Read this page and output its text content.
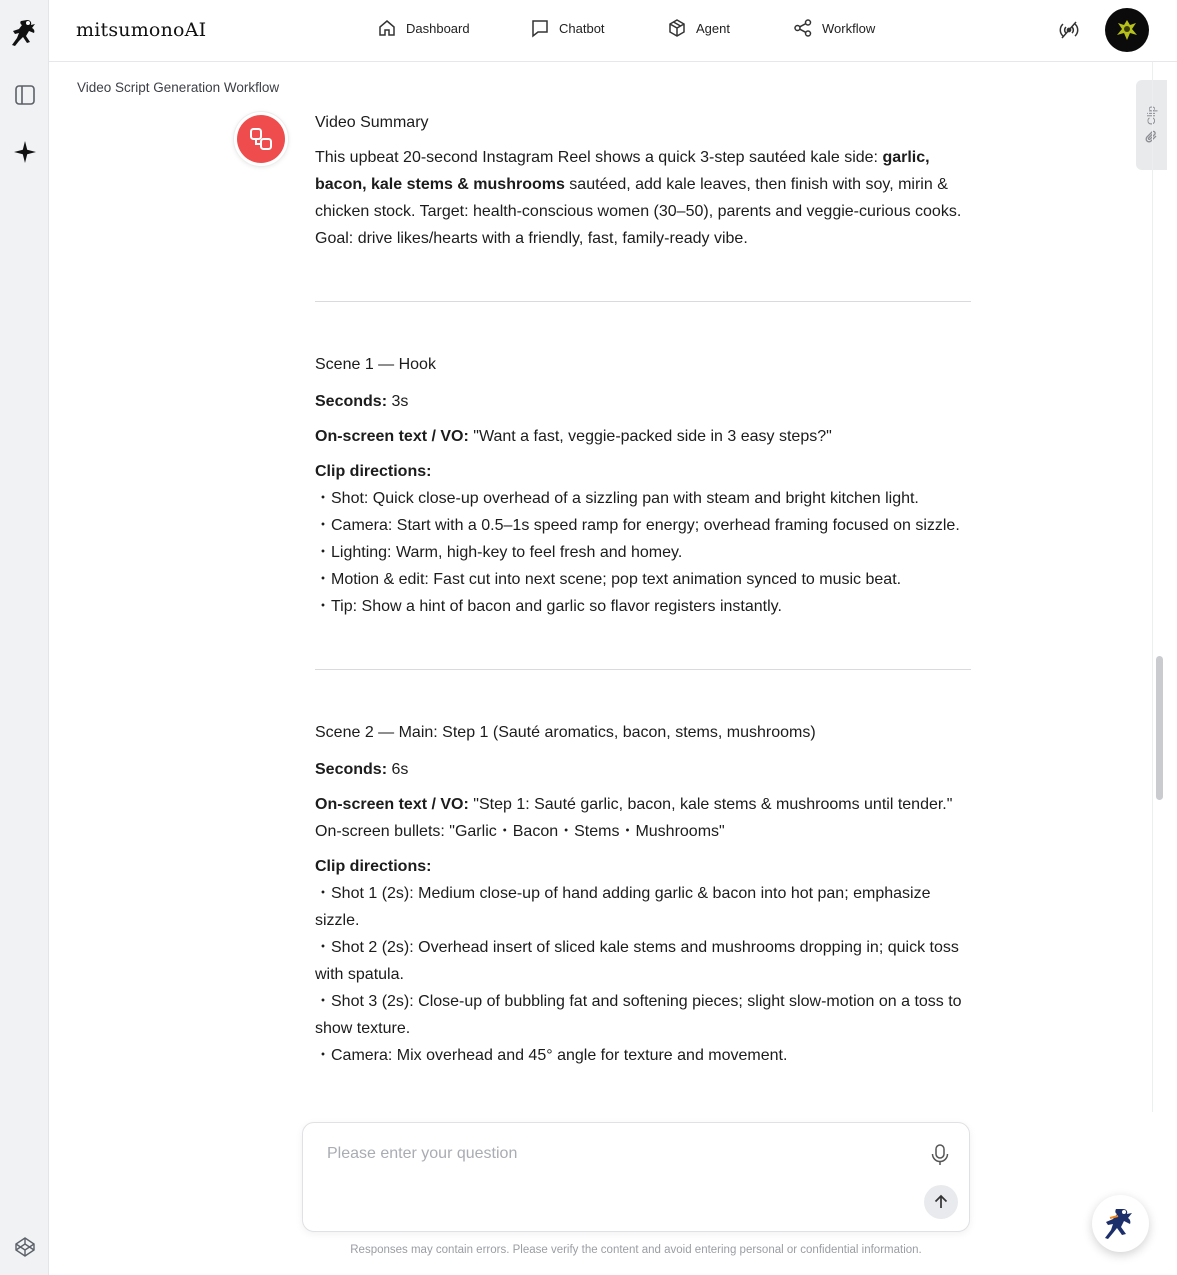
mitsumonoAI	Dashboard	Chatbot	Agent	Workflow
Video Script Generation Workflow
Clip
Video Summary

This upbeat 20-second Instagram Reel shows a quick 3-step sautéed kale side: garlic, bacon, kale stems & mushrooms sautéed, add kale leaves, then finish with soy, mirin & chicken stock. Target: health-conscious women (30–50), parents and veggie-curious cooks. Goal: drive likes/hearts with a friendly, fast, family-ready vibe.

Scene 1 — Hook

Seconds: 3s

On-screen text / VO: "Want a fast, veggie-packed side in 3 easy steps?"

Clip directions:

・Shot: Quick close-up overhead of a sizzling pan with steam and bright kitchen light.

・Camera: Start with a 0.5–1s speed ramp for energy; overhead framing focused on sizzle.

・Lighting: Warm, high-key to feel fresh and homey.

・Motion & edit: Fast cut into next scene; pop text animation synced to music beat.

・Tip: Show a hint of bacon and garlic so flavor registers instantly.

Scene 2 — Main: Step 1 (Sauté aromatics, bacon, stems, mushrooms)

Seconds: 6s

On-screen text / VO: "Step 1: Sauté garlic, bacon, kale stems & mushrooms until tender."

On-screen bullets: "Garlic・Bacon・Stems・Mushrooms"

Clip directions:

・Shot 1 (2s): Medium close-up of hand adding garlic & bacon into hot pan; emphasize sizzle.

・Shot 2 (2s): Overhead insert of sliced kale stems and mushrooms dropping in; quick toss with spatula.

・Shot 3 (2s): Close-up of bubbling fat and softening pieces; slight slow-motion on a toss to show texture.

・Camera: Mix overhead and 45° angle for texture and movement.

Please enter your question
Responses may contain errors. Please verify the content and avoid entering personal or confidential information.
